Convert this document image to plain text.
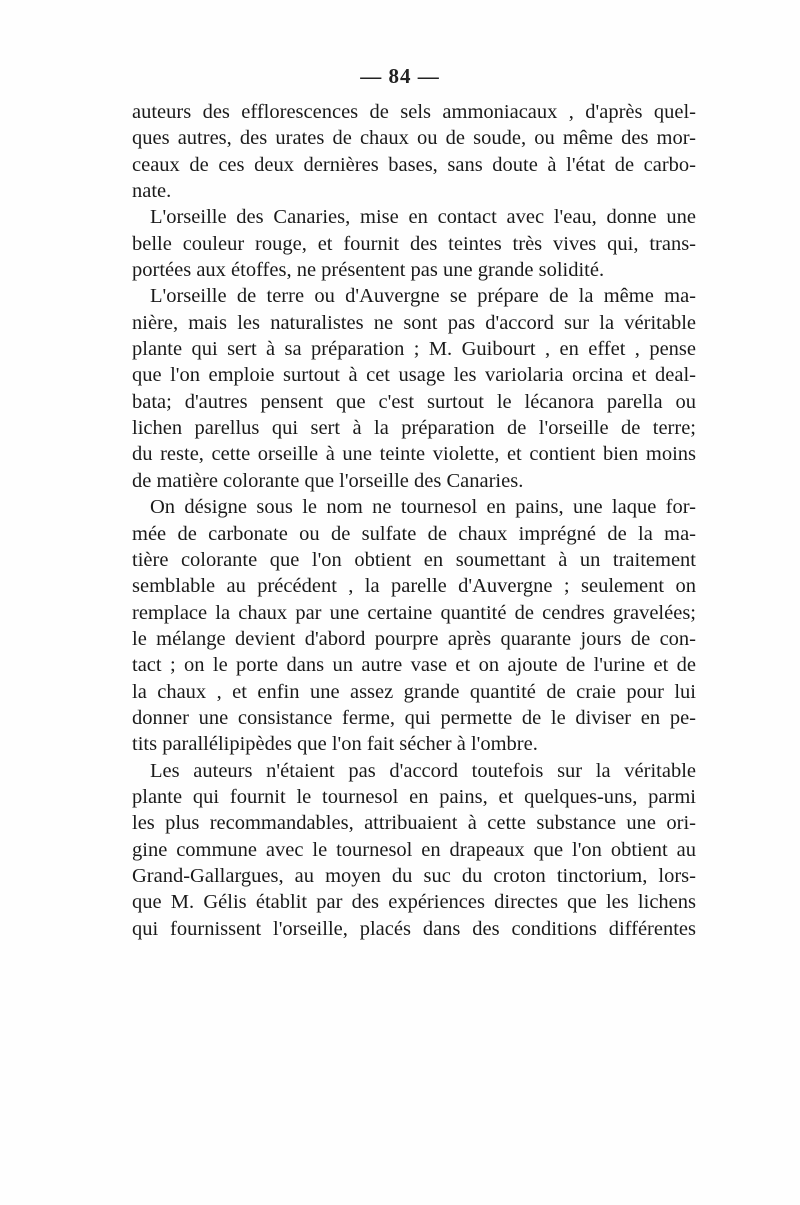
— 84 —
auteurs des efflorescences de sels ammoniacaux , d'après quel-
ques autres, des urates de chaux ou de soude, ou même des mor-
ceaux de ces deux dernières bases, sans doute à l'état de carbo-
nate.
L'orseille des Canaries, mise en contact avec l'eau, donne une
belle couleur rouge, et fournit des teintes très vives qui, trans-
portées aux étoffes, ne présentent pas une grande solidité.
L'orseille de terre ou d'Auvergne se prépare de la même ma-
nière, mais les naturalistes ne sont pas d'accord sur la véritable
plante qui sert à sa préparation ; M. Guibourt , en effet , pense
que l'on emploie surtout à cet usage les variolaria orcina et deal-
bata; d'autres pensent que c'est surtout le lécanora parella ou
lichen parellus qui sert à la préparation de l'orseille de terre;
du reste, cette orseille à une teinte violette, et contient bien moins
de matière colorante que l'orseille des Canaries.
On désigne sous le nom ne tournesol en pains, une laque for-
mée de carbonate ou de sulfate de chaux imprégné de la ma-
tière colorante que l'on obtient en soumettant à un traitement
semblable au précédent , la parelle d'Auvergne ; seulement on
remplace la chaux par une certaine quantité de cendres gravelées;
le mélange devient d'abord pourpre après quarante jours de con-
tact ; on le porte dans un autre vase et on ajoute de l'urine et de
la chaux , et enfin une assez grande quantité de craie pour lui
donner une consistance ferme, qui permette de le diviser en pe-
tits parallélipipèdes que l'on fait sécher à l'ombre.
Les auteurs n'étaient pas d'accord toutefois sur la véritable
plante qui fournit le tournesol en pains, et quelques-uns, parmi
les plus recommandables, attribuaient à cette substance une ori-
gine commune avec le tournesol en drapeaux que l'on obtient au
Grand-Gallargues, au moyen du suc du croton tinctorium, lors-
que M. Gélis établit par des expériences directes que les lichens
qui fournissent l'orseille, placés dans des conditions différentes
